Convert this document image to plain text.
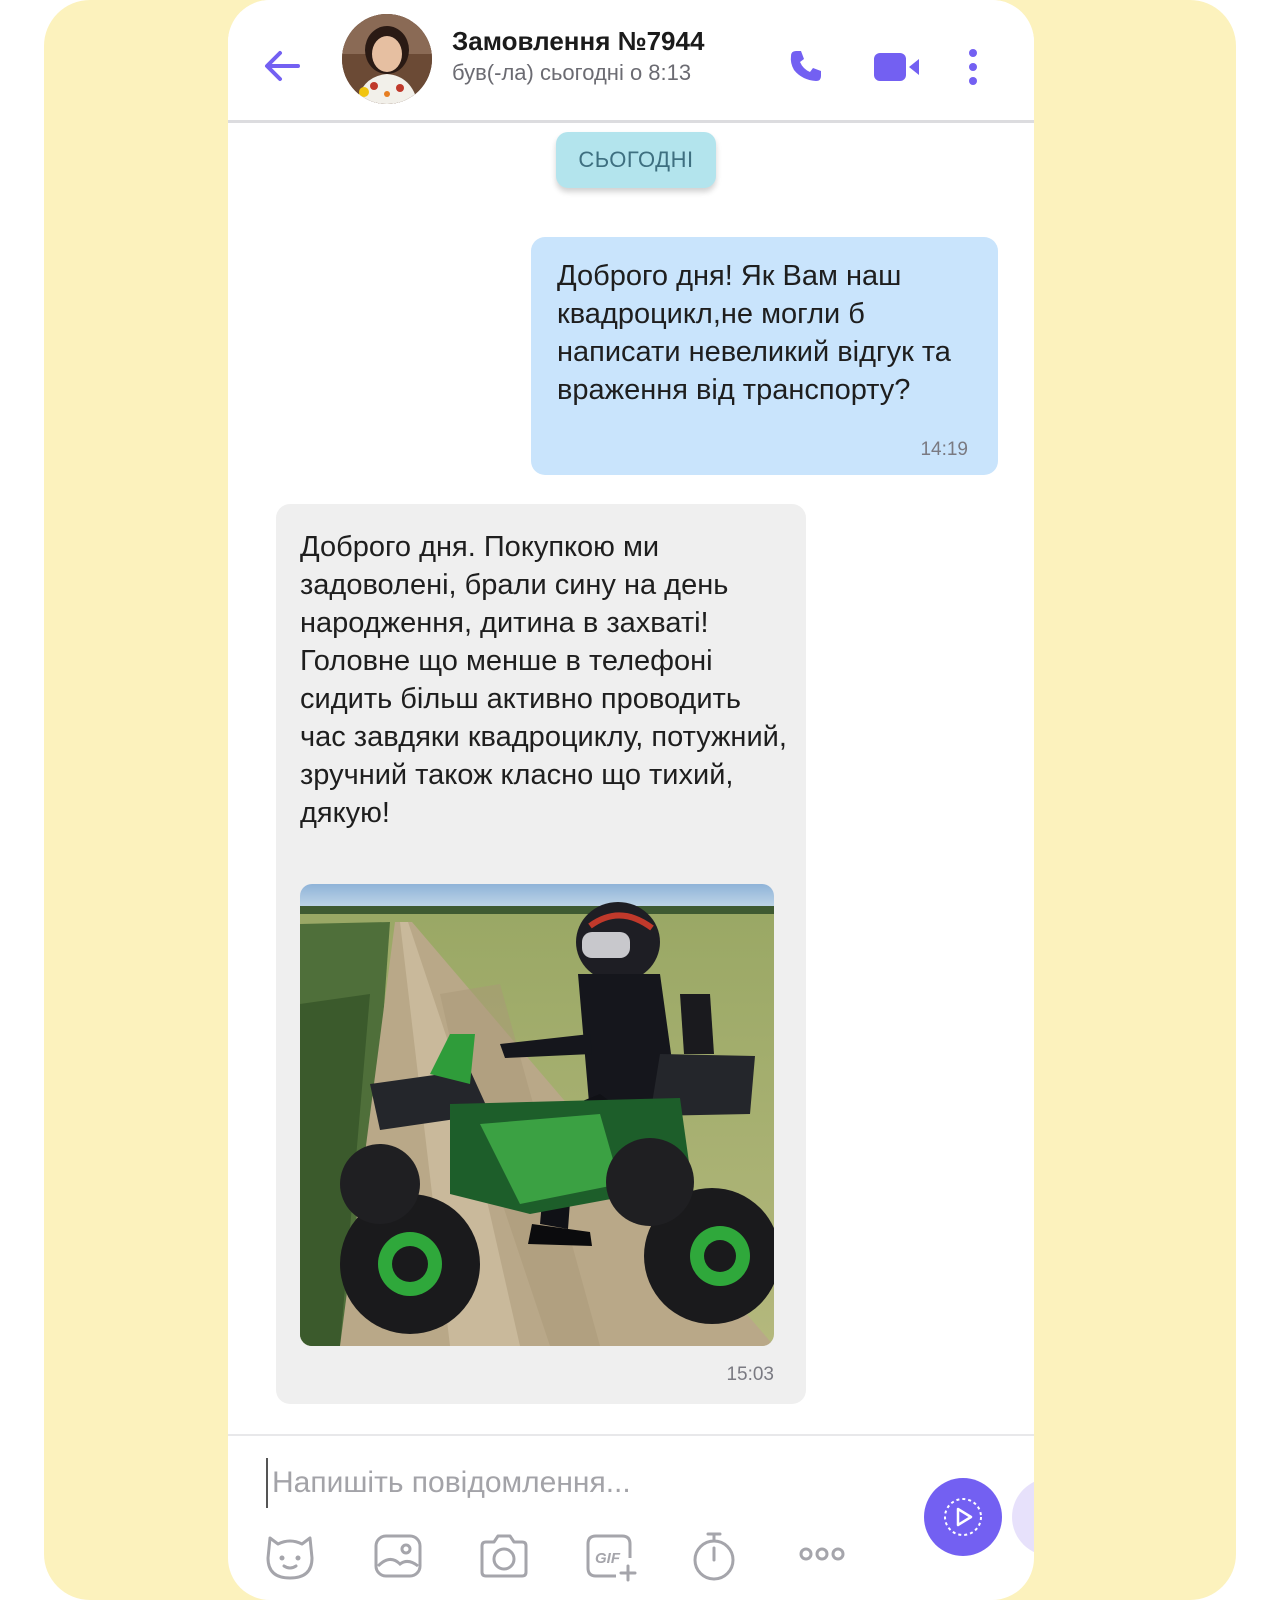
Замовлення №7944
був(-ла) сьогодні о 8:13
СЬОГОДНІ
Доброго дня! Як Вам наш квадроцикл,не могли б написати невеликий відгук та враження від транспорту?
14:19
Доброго дня. Покупкою ми задоволені, брали сину на день народження, дитина в захваті! Головне що менше в телефоні сидить більш активно проводить час завдяки квадроциклу, потужний, зручний також класно що тихий, дякую!
15:03
Напишіть повідомлення...
GIF
